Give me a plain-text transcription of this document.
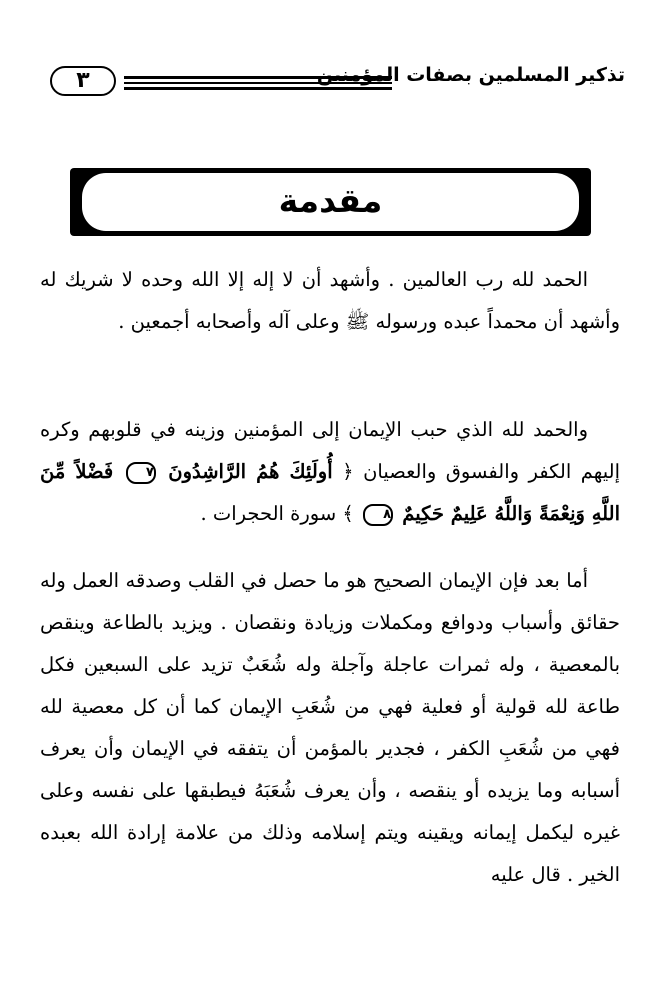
٣	تذكير المسلمين بصفات المؤمنين
مقدمة
الحمد لله رب العالمين . وأشهد أن لا إله إلا الله وحده لا شريك له وأشهد أن محمداً عبده ورسوله ﷺ وعلى آله وأصحابه أجمعين .
والحمد لله الذي حبب الإيمان إلى المؤمنين وزينه في قلوبهم وكره إليهم الكفر والفسوق والعصيان ﴿ أُولَئِكَ هُمُ الرَّاشِدُونَ ٧ فَضْلاً مِّنَ اللَّهِ وَنِعْمَةً وَاللَّهُ عَلِيمٌ حَكِيمٌ ٨ ﴾ سورة الحجرات .
أما بعد فإن الإيمان الصحيح هو ما حصل في القلب وصدقه العمل وله حقائق وأسباب ودوافع ومكملات وزيادة ونقصان . ويزيد بالطاعة وينقص بالمعصية ، وله ثمرات عاجلة وآجلة وله شُعَبٌ تزيد على السبعين فكل طاعة لله قولية أو فعلية فهي من شُعَبِ الإيمان كما أن كل معصية لله فهي من شُعَبِ الكفر ، فجدير بالمؤمن أن يتفقه في الإيمان وأن يعرف أسبابه وما يزيده أو ينقصه ، وأن يعرف شُعَبَهُ فيطبقها على نفسه وعلى غيره ليكمل إيمانه ويقينه ويتم إسلامه وذلك من علامة إرادة الله بعبده الخير . قال عليه
